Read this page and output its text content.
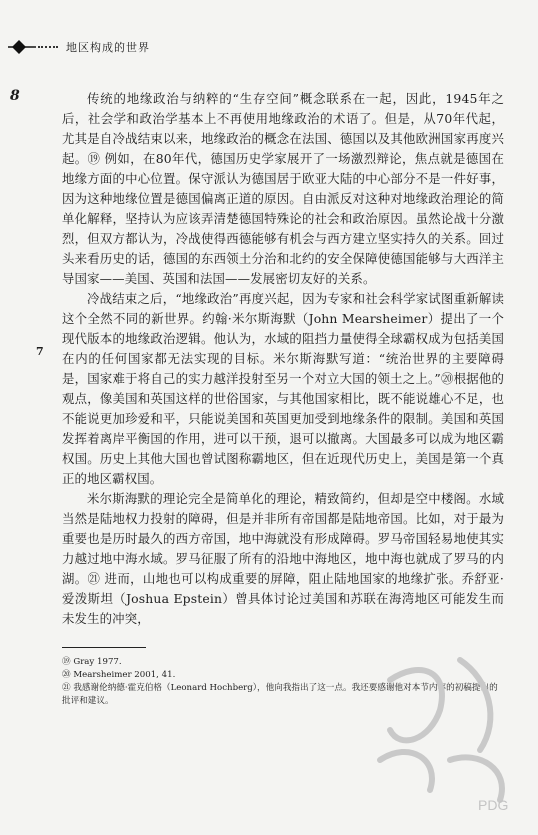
地区构成的世界
8
7

传统的地缘政治与纳粹的“生存空间”概念联系在一起，因此，1945年之后，社会学和政治学基本上不再使用地缘政治的术语了。但是，从70年代起，尤其是自冷战结束以来，地缘政治的概念在法国、德国以及其他欧洲国家再度兴起。⑲ 例如，在80年代，德国历史学家展开了一场激烈辩论，焦点就是德国在地缘方面的中心位置。保守派认为德国居于欧亚大陆的中心部分不是一件好事，因为这种地缘位置是德国偏离正道的原因。自由派反对这种对地缘政治理论的简单化解释，坚持认为应该弄清楚德国特殊论的社会和政治原因。虽然论战十分激烈，但双方都认为，冷战使得西德能够有机会与西方建立坚实持久的关系。回过头来看历史的话，德国的东西领土分治和北约的安全保障使德国能够与大西洋主导国家——美国、英国和法国——发展密切友好的关系。

冷战结束之后，“地缘政治”再度兴起，因为专家和社会科学家试图重新解读这个全然不同的新世界。约翰·米尔斯海默（John Mearsheimer）提出了一个现代版本的地缘政治逻辑。他认为，水域的阻挡力量使得全球霸权成为包括美国在内的任何国家都无法实现的目标。米尔斯海默写道：“统治世界的主要障碍是，国家难于将自己的实力越洋投射至另一个对立大国的领土之上。”⑳根据他的观点，像美国和英国这样的世俗国家，与其他国家相比，既不能说雄心不足，也不能说更加珍爱和平，只能说美国和英国更加受到地缘条件的限制。美国和英国发挥着离岸平衡国的作用，进可以干预，退可以撤离。大国最多可以成为地区霸权国。历史上其他大国也曾试图称霸地区，但在近现代历史上，美国是第一个真正的地区霸权国。

米尔斯海默的理论完全是简单化的理论，精致简约，但却是空中楼阁。水域当然是陆地权力投射的障碍，但是并非所有帝国都是陆地帝国。比如，对于最为重要也是历时最久的西方帝国，地中海就没有形成障碍。罗马帝国轻易地使其实力越过地中海水域。罗马征服了所有的沿地中海地区，地中海也就成了罗马的内湖。㉑ 进而，山地也可以构成重要的屏障，阻止陆地国家的地缘扩张。乔舒亚·爱泼斯坦（Joshua Epstein）曾具体讨论过美国和苏联在海湾地区可能发生而未发生的冲突，

⑲ Gray 1977.
⑳ Mearsheimer 2001, 41.
㉑ 我感谢伦纳德·霍克伯格（Leonard Hochberg），他向我指出了这一点。我还要感谢他对本节内容的初稿提出的批评和建议。
PDG
